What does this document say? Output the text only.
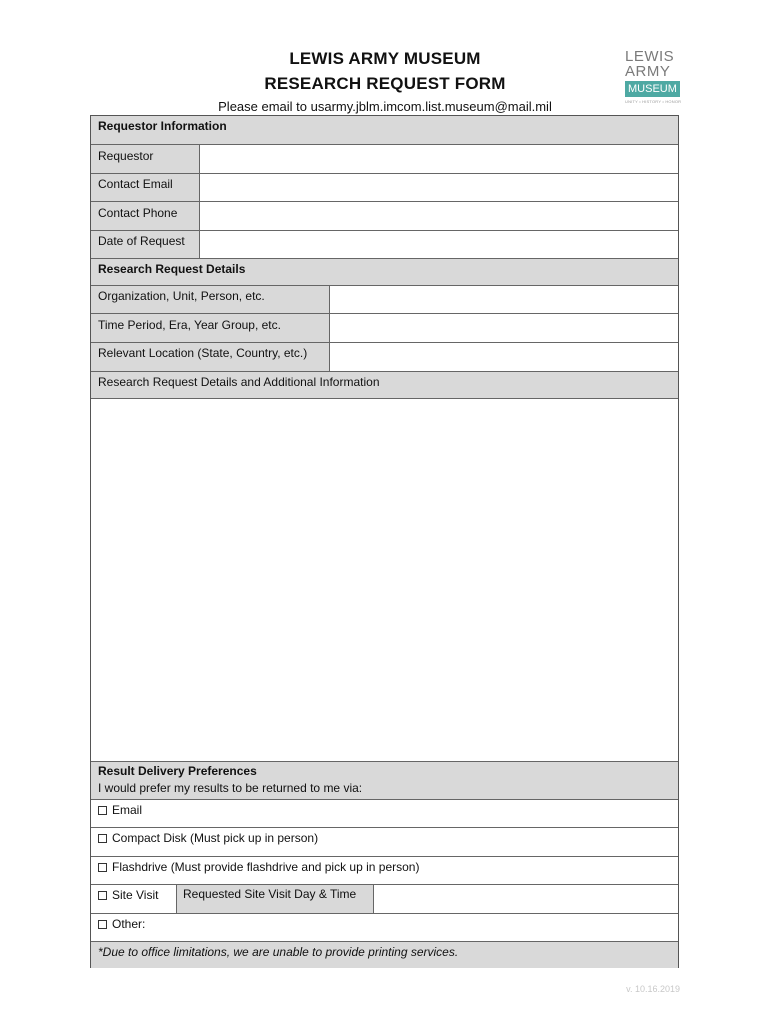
LEWIS ARMY MUSEUM
RESEARCH REQUEST FORM
Please email to usarmy.jblm.imcom.list.museum@mail.mil
LEWIS
ARMY
MUSEUM
UNITY • HISTORY • HONOR
Requestor Information
Requestor
Contact Email
Contact Phone
Date of Request
Research Request Details
Organization, Unit, Person, etc.
Time Period, Era, Year Group, etc.
Relevant Location (State, Country, etc.)
Research Request Details and Additional Information
Result Delivery Preferences
I would prefer my results to be returned to me via:
Email
Compact Disk (Must pick up in person)
Flashdrive (Must provide flashdrive and pick up in person)
Site Visit Requested Site Visit Day & Time
Other:
*Due to office limitations, we are unable to provide printing services.
v. 10.16.2019
